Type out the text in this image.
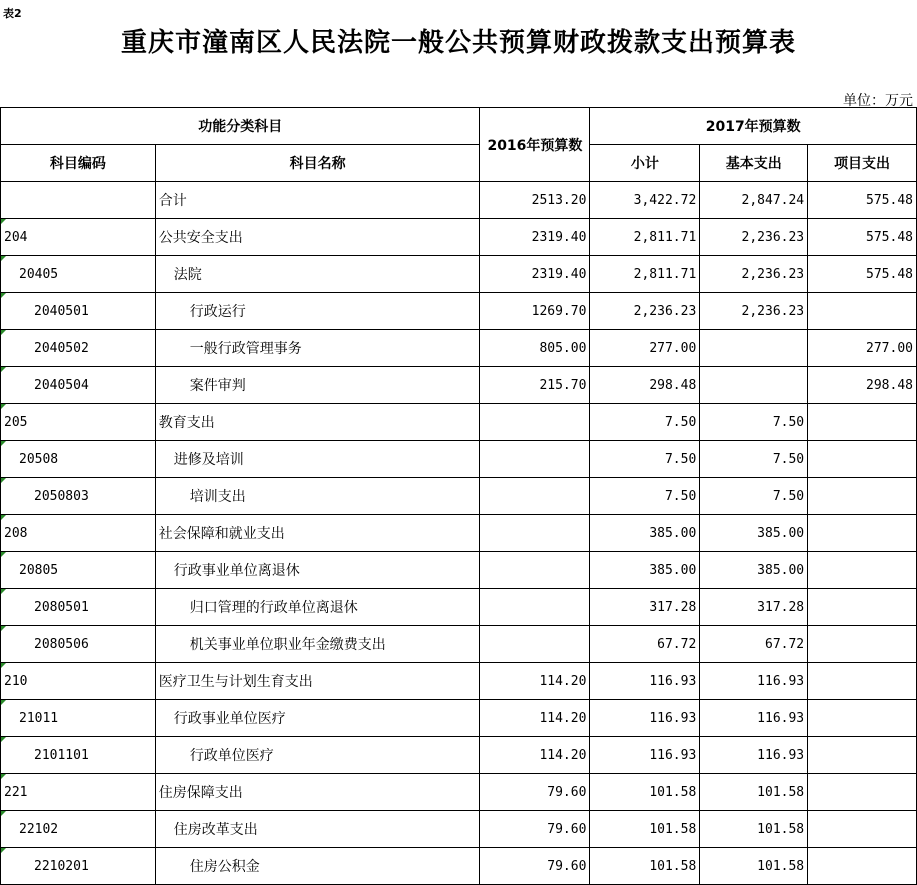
表2
重庆市潼南区人民法院一般公共预算财政拨款支出预算表
单位：万元
功能分类科目		2016年预算数	2017年预算数		
科目编码	科目名称		小计	基本支出	项目支出
	合计	2513.20	3,422.72	2,847.24	575.48
204	公共安全支出	2319.40	2,811.71	2,236.23	575.48
20405	法院	2319.40	2,811.71	2,236.23	575.48
2040501	行政运行	1269.70	2,236.23	2,236.23	
2040502	一般行政管理事务	805.00	277.00		277.00
2040504	案件审判	215.70	298.48		298.48
205	教育支出		7.50	7.50	
20508	进修及培训		7.50	7.50	
2050803	培训支出		7.50	7.50	
208	社会保障和就业支出		385.00	385.00	
20805	行政事业单位离退休		385.00	385.00	
2080501	归口管理的行政单位离退休		317.28	317.28	
2080506	机关事业单位职业年金缴费支出		67.72	67.72	
210	医疗卫生与计划生育支出	114.20	116.93	116.93	
21011	行政事业单位医疗	114.20	116.93	116.93	
2101101	行政单位医疗	114.20	116.93	116.93	
221	住房保障支出	79.60	101.58	101.58	
22102	住房改革支出	79.60	101.58	101.58	
2210201	住房公积金	79.60	101.58	101.58	
